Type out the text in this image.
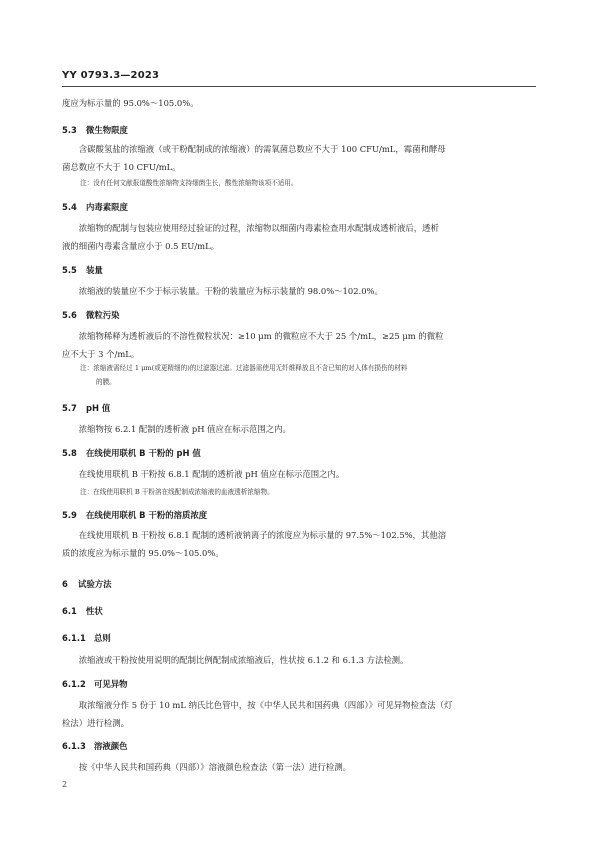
YY 0793.3—2023
度应为标示量的 95.0%～105.0%。
5.3 微生物限度
含碳酸氢盐的浓缩液（或干粉配制成的浓缩液）的需氧菌总数应不大于 100 CFU/mL，霉菌和酵母
菌总数应不大于 10 CFU/mL。
注：没有任何文献报道酸性浓缩物支持细菌生长，酸性浓缩物该项不适用。
5.4 内毒素限度
浓缩物的配制与包装应使用经过验证的过程，浓缩物以细菌内毒素检查用水配制成透析液后，透析
液的细菌内毒素含量应小于 0.5 EU/mL。
5.5 装量
浓缩液的装量应不少于标示装量。干粉的装量应为标示装量的 98.0%～102.0%。
5.6 微粒污染
浓缩物稀释为透析液后的不溶性微粒状况：≥10 μm 的微粒应不大于 25 个/mL，≥25 μm 的微粒
应不大于 3 个/mL。
注：浓缩液需经过 1 μm(或更精细的)的过滤器过滤。过滤器需使用无纤维释放且不含已知的对人体有损伤的材料
的膜。
5.7 pH 值
浓缩物按 6.2.1 配制的透析液 pH 值应在标示范围之内。
5.8 在线使用联机 B 干粉的 pH 值
在线使用联机 B 干粉按 6.8.1 配制的透析液 pH 值应在标示范围之内。
注：在线使用联机 B 干粉溶在线配制成浓缩液的血液透析浓缩物。
5.9 在线使用联机 B 干粉的溶质浓度
在线使用联机 B 干粉按 6.8.1 配制的透析液钠离子的浓度应为标示量的 97.5%～102.5%，其他溶
质的浓度应为标示量的 95.0%～105.0%。
6 试验方法
6.1 性状
6.1.1 总则
浓缩液或干粉按使用说明的配制比例配制成浓缩液后，性状按 6.1.2 和 6.1.3 方法检测。
6.1.2 可见异物
取浓缩液分作 5 份于 10 mL 纳氏比色管中，按《中华人民共和国药典（四部）》可见异物检查法（灯
检法）进行检测。
6.1.3 溶液颜色
按《中华人民共和国药典（四部）》溶液颜色检查法（第一法）进行检测。
2
